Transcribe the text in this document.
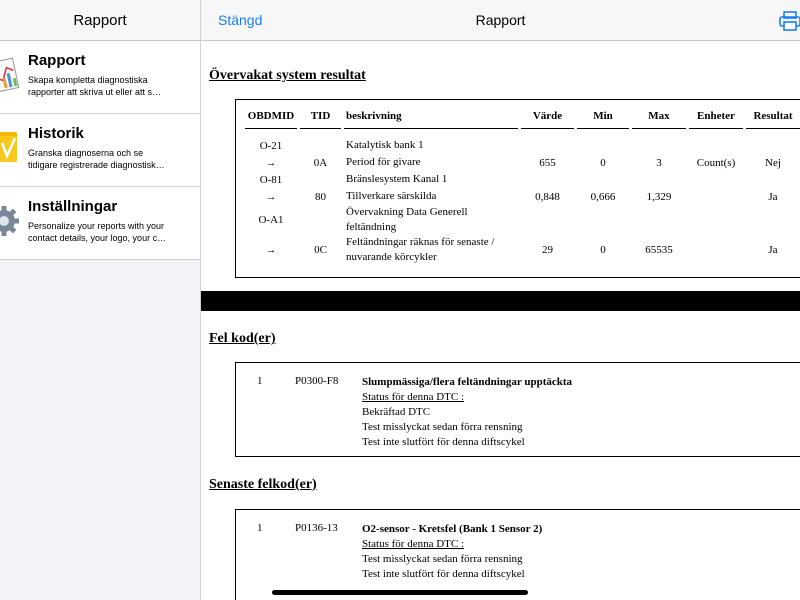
Rapport
Rapport
Skapa kompletta diagnostiska
rapporter att skriva ut eller att s…
Historik
Granska diagnoserna och se
tidigare registrerade diagnostisk…
Inställningar
Personalize your reports with your
contact details, your logo, your c…
Stängd	Rapport
Övervakat system resultat
OBDMID	TID	beskrivning	Värde	Min	Max	Enheter	Resultat

O-21		Katalytisk bank 1					
→	0A	Period för givare	655	0	3	Count(s)	Nej
O-81		Bränslesystem Kanal 1					
→	80	Tillverkare särskilda	0,848	0,666	1,329		Ja
O-A1		Övervakning Data Generell feltändning					
→	0C	Feltändningar räknas för senaste / nuvarande körcykler	29	0	65535		Ja
Fel kod(er)
1	P0300-F8 Slumpmässiga/flera feltändningar upptäckta
Status för denna DTC :
Bekräftad DTC
Test misslyckat sedan förra rensning
Test inte slutfört för denna diftscykel
Senaste felkod(er)
1	P0136-13 O2-sensor - Kretsfel (Bank 1 Sensor 2)
Status för denna DTC :
Test misslyckat sedan förra rensning
Test inte slutfört för denna diftscykel
